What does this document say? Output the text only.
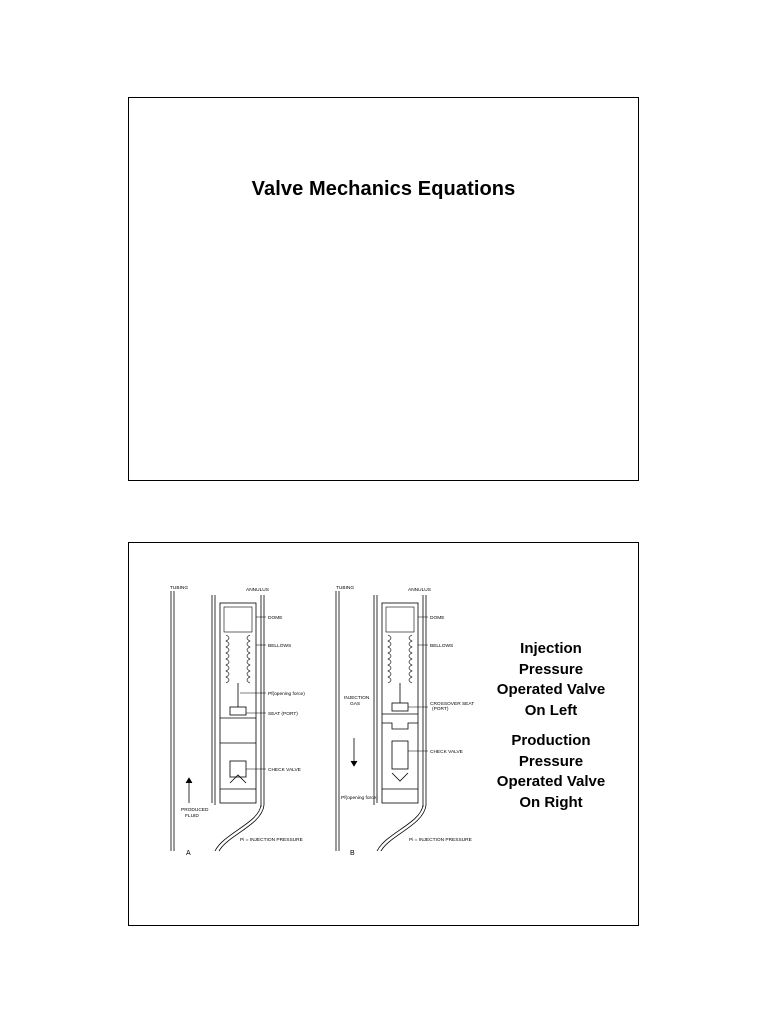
Valve Mechanics Equations
TUBING	ANNULUS
DOME
BELLOWS
Pf(opening force)
SEAT (PORT)
CHECK VALVE
PRODUCED
FLUID
Pi = INJECTION PRESSURE
A
TUBING	ANNULUS
DOME
BELLOWS
INJECTION
GAS	CROSSOVER SEAT
(PORT)
CHECK VALVE
Pf(opening force)
Pi = INJECTION PRESSURE
B
Injection
Pressure
Operated Valve
On Left
Production
Pressure
Operated Valve
On Right
